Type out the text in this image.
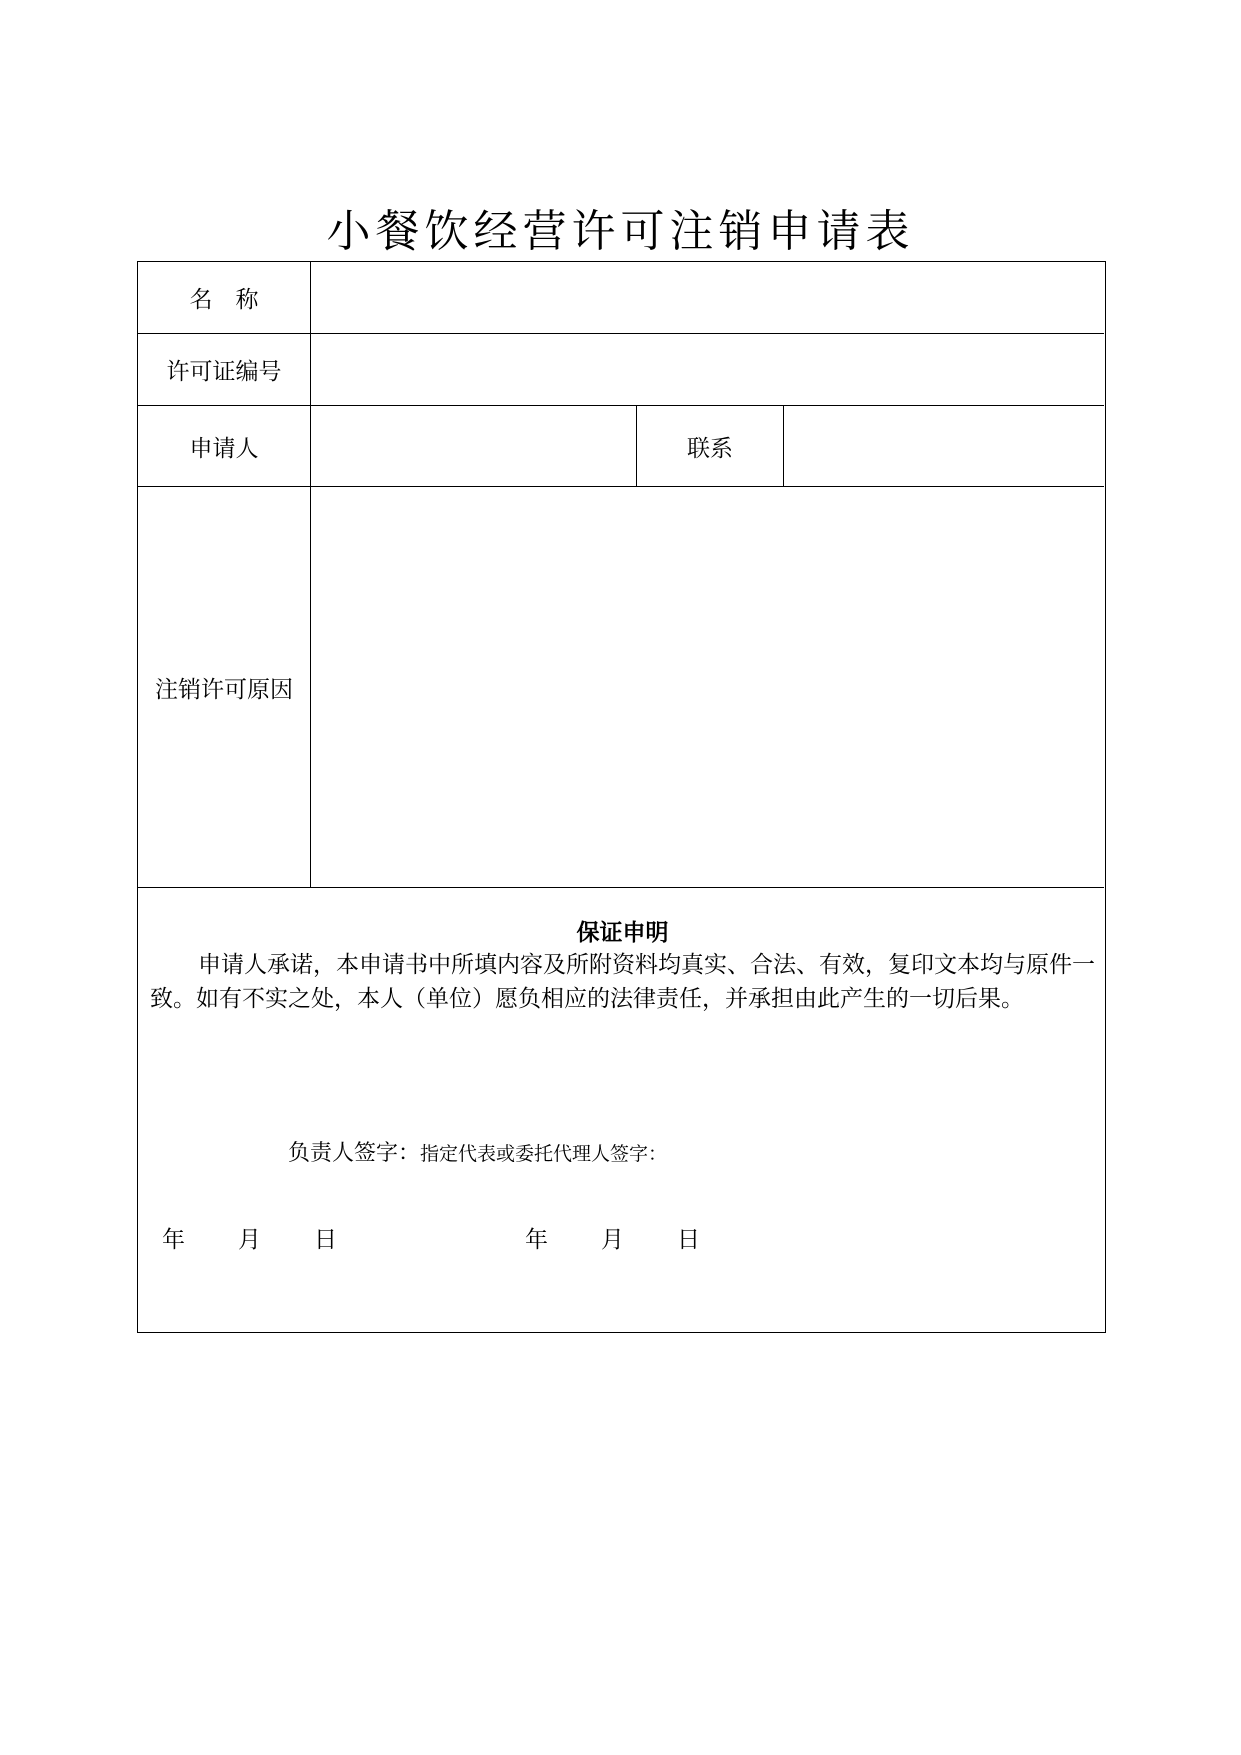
小餐饮经营许可注销申请表
名　称
许可证编号
申请人	联系
注销许可原因
保证申明

申请人承诺，本申请书中所填内容及所附资料均真实、合法、有效，复印文本均与原件一致。如有不实之处，本人（单位）愿负相应的法律责任，并承担由此产生的一切后果。

负责人签字：指定代表或委托代理人签字：
年 月 日	年 月 日
